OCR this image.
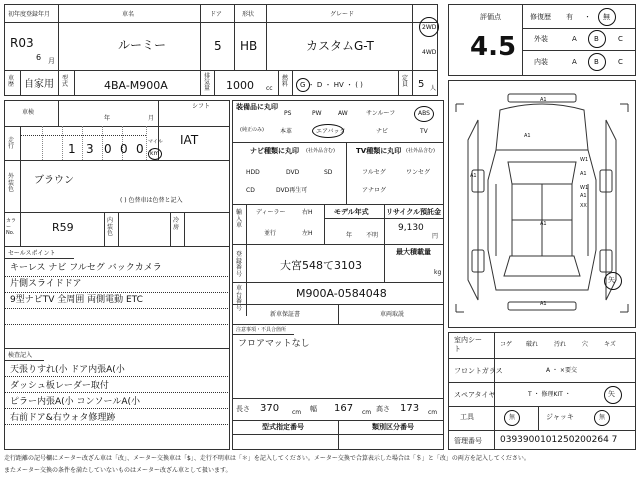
初年度登録年月	車名	ドア	形状	グレード
R03
6 月
ルーミー	5 HB	カスタムG-T
2WD
4WD
車歴 自家用
型式	4BA-M900A
排気量 1000 cc
燃料 G ・ D ・ HV ・ ( )
定員 5 人
車検
年	月
シフト
IAT
走行	1 3 0 0 0 マイル
km
外装色
ブラウン
( ) 色替車は色替と記入
カラーNo.	R59
内装色
冷房
セールスポイント
キーレス ナビ フルセグ バックカメラ
片側スライドドア
9型ナビTV 全周囲 両側電動 ETC
検査記入
天張りすれ(小 ドア内張A(小
ダッシュ板レーダー取付
ピラー内張A(小 コンソールA(小
右前ドア&右ウォタ修理跡
装備品に丸印
(純正のみ)
PS	PW	AW	サンルーフ	ABS
本革	エアバック	ナビ	TV
ナビ種類に丸印 (社外品含む)	TV種類に丸印 (社外品含む)
HDD	DVD	SD
CD	DVD再生可
フルセグ	ワンセグ
アナログ
輸入車
ディーラー
並行
右H
左H
モデル年式
年 不明
リサイクル預託金
9,130
円
登録番号
大宮548て3103
最大積載量
kg
車台番号
M900A-0584048
新車保証書	車両取説
注意事項・不具合箇所
フロアマットなし
長さ 370 cm 幅 167 cm 高さ 173 cm
型式指定番号	類別区分番号
評価点
4.5
修復歴 有 ・ 無
外装	A B	C
内装	A B	C
A1
A1
W1
A1
W1
A1
XX
A1
A1
A1
矢
室内シート
コゲ 破れ	汚れ	穴	キズ
フロントガラス	A ・ ×要交
スペアタイヤ	T ・ 修理KIT ・	矢
工具	無	ジャッキ	無
管理番号 0393900101250200264 7
走行距離の記号欄にメーター改ざん車は「改」、メーター交換車は「$」、走行不明車は「＊」を記入してください。メーター交換で合算表示した場合は「＄」と「改」の両方を記入してください。
またメーター交換の条件を満たしていないものはメーター改ざん車として扱います。
